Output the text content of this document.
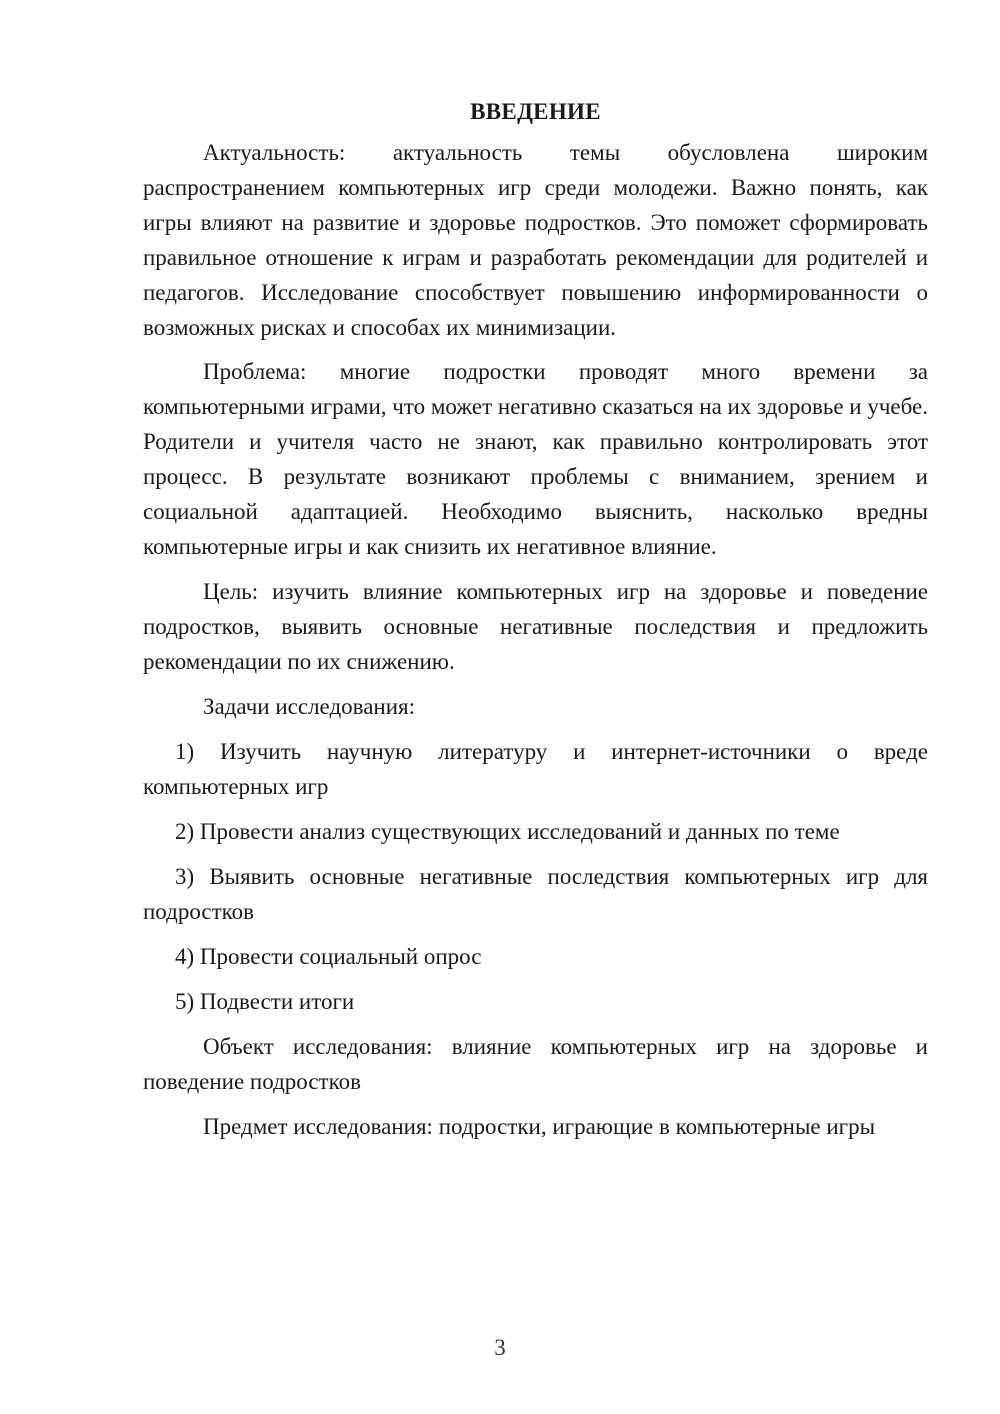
ВВЕДЕНИЕ

Актуальность: актуальность темы обусловлена широким распространением компьютерных игр среди молодежи. Важно понять, как игры влияют на развитие и здоровье подростков. Это поможет сформировать правильное отношение к играм и разработать рекомендации для родителей и педагогов. Исследование способствует повышению информированности о возможных рисках и способах их минимизации.

Проблема: многие подростки проводят много времени за компьютерными играми, что может негативно сказаться на их здоровье и учебе. Родители и учителя часто не знают, как правильно контролировать этот процесс. В результате возникают проблемы с вниманием, зрением и социальной адаптацией. Необходимо выяснить, насколько вредны компьютерные игры и как снизить их негативное влияние.

Цель: изучить влияние компьютерных игр на здоровье и поведение подростков, выявить основные негативные последствия и предложить рекомендации по их снижению.

Задачи исследования:

1) Изучить научную литературу и интернет-источники о вреде компьютерных игр

2) Провести анализ существующих исследований и данных по теме

3) Выявить основные негативные последствия компьютерных игр для подростков

4) Провести социальный опрос

5) Подвести итоги

Объект исследования: влияние компьютерных игр на здоровье и поведение подростков

Предмет исследования: подростки, играющие в компьютерные игры

3
